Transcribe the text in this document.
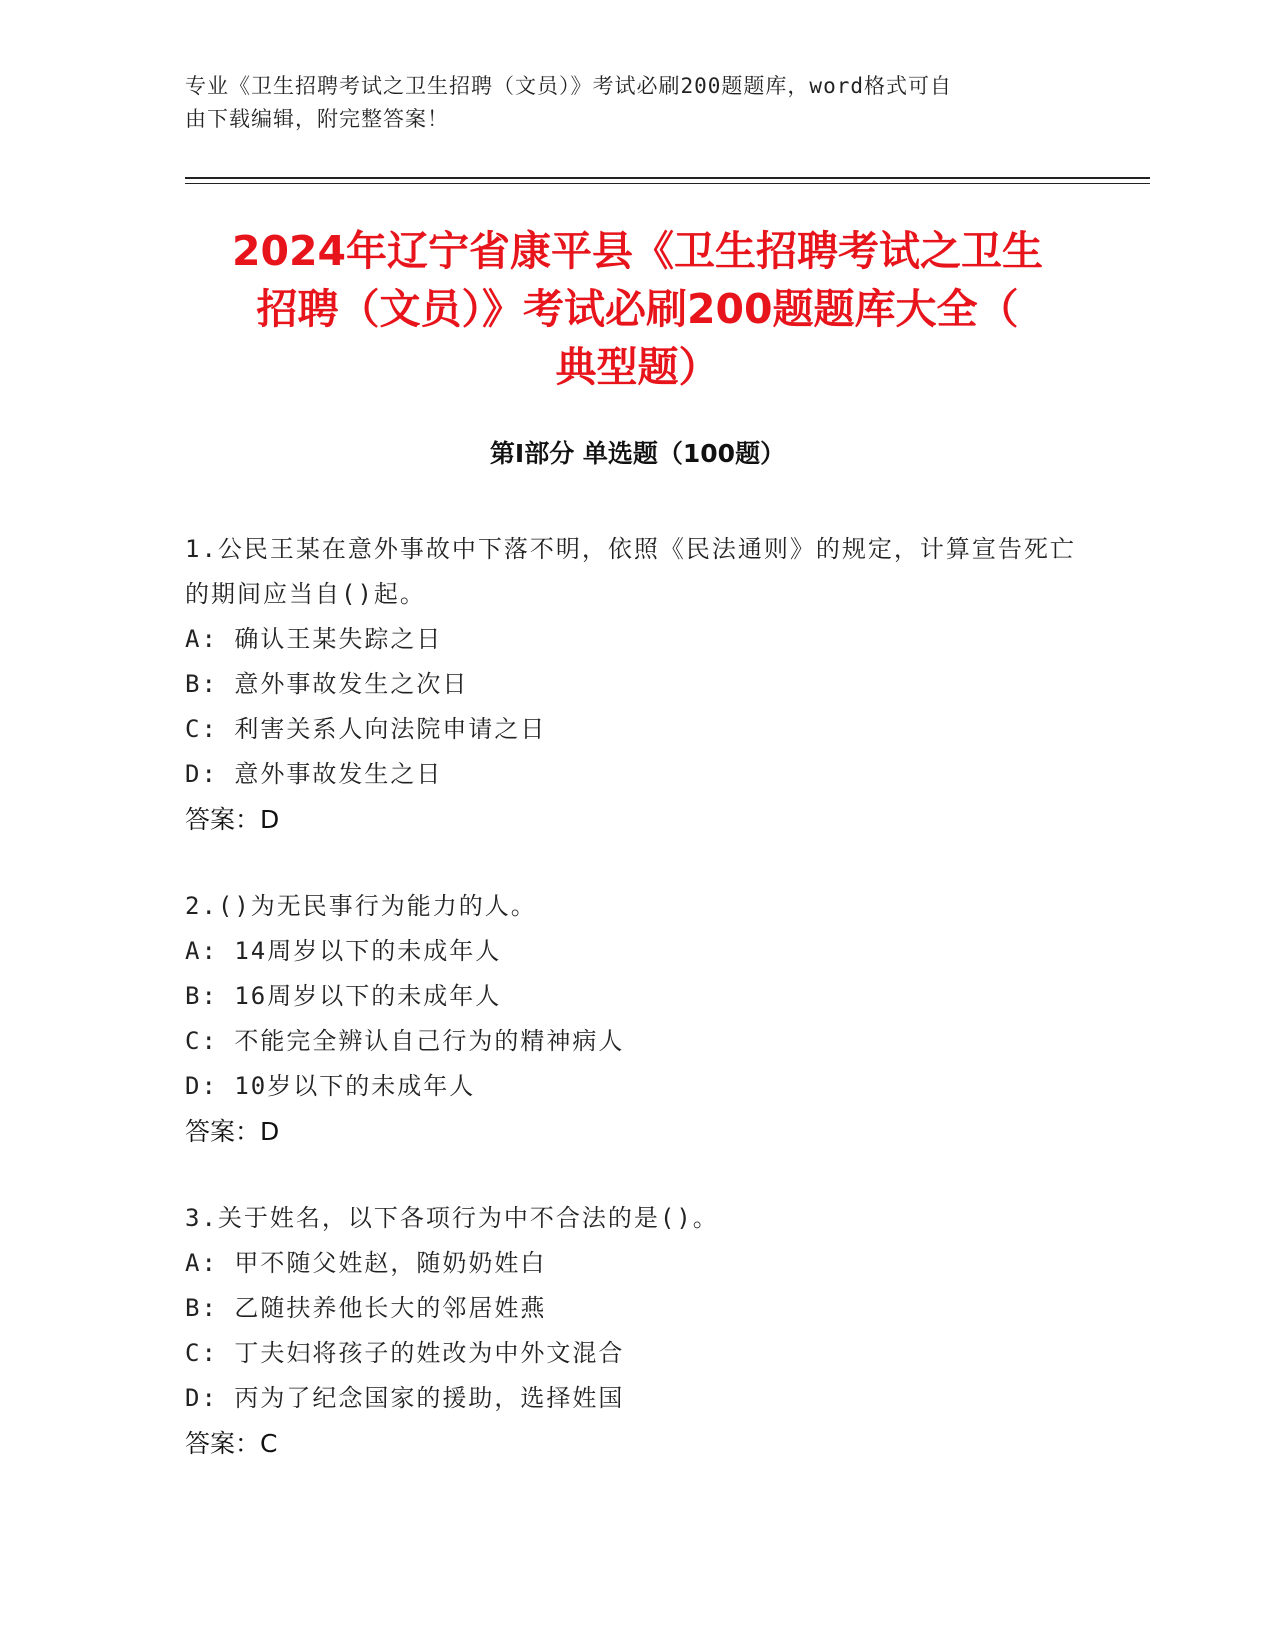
专业《卫生招聘考试之卫生招聘（文员）》考试必刷200题题库，word格式可自
由下载编辑，附完整答案！
2024年辽宁省康平县《卫生招聘考试之卫生
招聘（文员）》考试必刷200题题库大全（
典型题）
第I部分 单选题（100题）
1.公民王某在意外事故中下落不明，依照《民法通则》的规定，计算宣告死亡的期间应当自()起。
A: 确认王某失踪之日
B: 意外事故发生之次日
C: 利害关系人向法院申请之日
D: 意外事故发生之日
答案：D
2.()为无民事行为能力的人。
A: 14周岁以下的未成年人
B: 16周岁以下的未成年人
C: 不能完全辨认自己行为的精神病人
D: 10岁以下的未成年人
答案：D
3.关于姓名，以下各项行为中不合法的是()。
A: 甲不随父姓赵，随奶奶姓白
B: 乙随扶养他长大的邻居姓燕
C: 丁夫妇将孩子的姓改为中外文混合
D: 丙为了纪念国家的援助，选择姓国
答案：C
